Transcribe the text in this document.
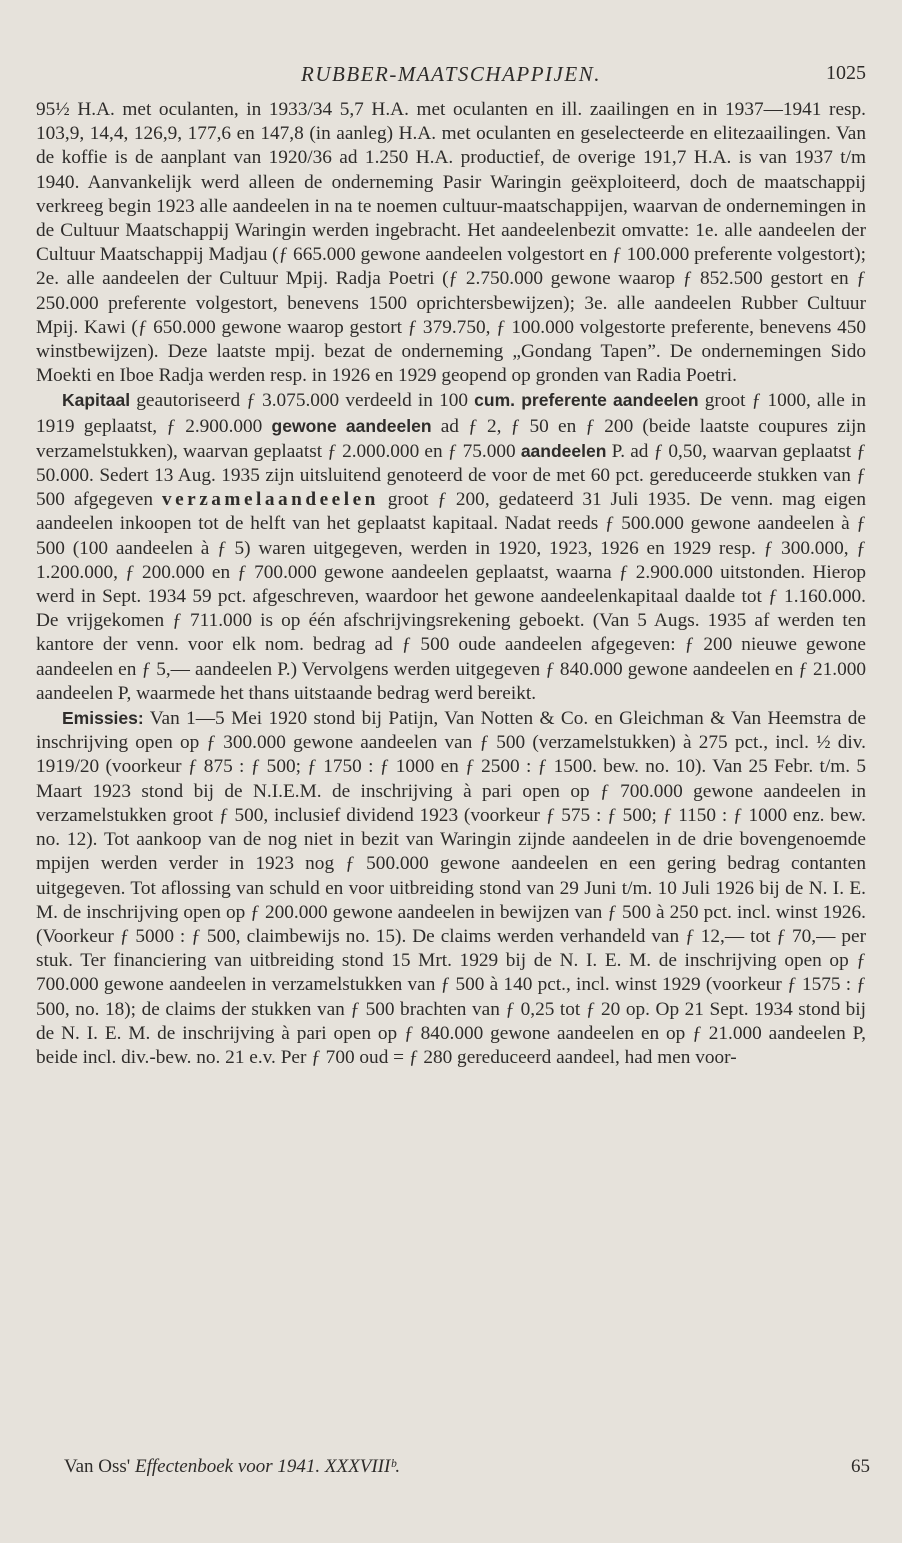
RUBBER-MAATSCHAPPIJEN.	1025

95½ H.A. met oculanten, in 1933/34 5,7 H.A. met oculanten en ill. zaailingen en in 1937—1941 resp. 103,9, 14,4, 126,9, 177,6 en 147,8 (in aanleg) H.A. met oculanten en geselecteerde en elitezaailingen. Van de koffie is de aanplant van 1920/36 ad 1.250 H.A. productief, de overige 191,7 H.A. is van 1937 t/m 1940. Aanvankelijk werd alleen de onderneming Pasir Waringin geëxploiteerd, doch de maatschappij verkreeg begin 1923 alle aandeelen in na te noemen cultuur-maatschappijen, waarvan de ondernemingen in de Cultuur Maatschappij Waringin werden ingebracht. Het aandeelenbezit omvatte: 1e. alle aandeelen der Cultuur Maatschappij Madjau (ƒ 665.000 gewone aandeelen volgestort en ƒ 100.000 preferente volgestort); 2e. alle aandeelen der Cultuur Mpij. Radja Poetri (ƒ 2.750.000 gewone waarop ƒ 852.500 gestort en ƒ 250.000 preferente volgestort, benevens 1500 oprichtersbewijzen); 3e. alle aandeelen Rubber Cultuur Mpij. Kawi (ƒ 650.000 gewone waarop gestort ƒ 379.750, ƒ 100.000 volgestorte preferente, benevens 450 winstbewijzen). Deze laatste mpij. bezat de onderneming „Gondang Tapen”. De ondernemingen Sido Moekti en Iboe Radja werden resp. in 1926 en 1929 geopend op gronden van Radia Poetri.

Kapitaal geautoriseerd ƒ 3.075.000 verdeeld in 100 cum. preferente aandeelen groot ƒ 1000, alle in 1919 geplaatst, ƒ 2.900.000 gewone aandeelen ad ƒ 2, ƒ 50 en ƒ 200 (beide laatste coupures zijn verzamelstukken), waarvan geplaatst ƒ 2.000.000 en ƒ 75.000 aandeelen P. ad ƒ 0,50, waarvan geplaatst ƒ 50.000. Sedert 13 Aug. 1935 zijn uitsluitend genoteerd de voor de met 60 pct. gereduceerde stukken van ƒ 500 afgegeven verzamelaandeelen groot ƒ 200, gedateerd 31 Juli 1935. De venn. mag eigen aandeelen inkoopen tot de helft van het geplaatst kapitaal. Nadat reeds ƒ 500.000 gewone aandeelen à ƒ 500 (100 aandeelen à ƒ 5) waren uitgegeven, werden in 1920, 1923, 1926 en 1929 resp. ƒ 300.000, ƒ 1.200.000, ƒ 200.000 en ƒ 700.000 gewone aandeelen geplaatst, waarna ƒ 2.900.000 uitstonden. Hierop werd in Sept. 1934 59 pct. afgeschreven, waardoor het gewone aandeelenkapitaal daalde tot ƒ 1.160.000. De vrijgekomen ƒ 711.000 is op één afschrijvingsrekening geboekt. (Van 5 Augs. 1935 af werden ten kantore der venn. voor elk nom. bedrag ad ƒ 500 oude aandeelen afgegeven: ƒ 200 nieuwe gewone aandeelen en ƒ 5,— aandeelen P.) Vervolgens werden uitgegeven ƒ 840.000 gewone aandeelen en ƒ 21.000 aandeelen P, waarmede het thans uitstaande bedrag werd bereikt.

Emissies: Van 1—5 Mei 1920 stond bij Patijn, Van Notten & Co. en Gleichman & Van Heemstra de inschrijving open op ƒ 300.000 gewone aandeelen van ƒ 500 (verzamelstukken) à 275 pct., incl. ½ div. 1919/20 (voorkeur ƒ 875 : ƒ 500; ƒ 1750 : ƒ 1000 en ƒ 2500 : ƒ 1500. bew. no. 10). Van 25 Febr. t/m. 5 Maart 1923 stond bij de N.I.E.M. de inschrijving à pari open op ƒ 700.000 gewone aandeelen in verzamelstukken groot ƒ 500, inclusief dividend 1923 (voorkeur ƒ 575 : ƒ 500; ƒ 1150 : ƒ 1000 enz. bew. no. 12). Tot aankoop van de nog niet in bezit van Waringin zijnde aandeelen in de drie bovengenoemde mpijen werden verder in 1923 nog ƒ 500.000 gewone aandeelen en een gering bedrag contanten uitgegeven. Tot aflossing van schuld en voor uitbreiding stond van 29 Juni t/m. 10 Juli 1926 bij de N. I. E. M. de inschrijving open op ƒ 200.000 gewone aandeelen in bewijzen van ƒ 500 à 250 pct. incl. winst 1926. (Voorkeur ƒ 5000 : ƒ 500, claimbewijs no. 15). De claims werden verhandeld van ƒ 12,— tot ƒ 70,— per stuk. Ter financiering van uitbreiding stond 15 Mrt. 1929 bij de N. I. E. M. de inschrijving open op ƒ 700.000 gewone aandeelen in verzamelstukken van ƒ 500 à 140 pct., incl. winst 1929 (voorkeur ƒ 1575 : ƒ 500, no. 18); de claims der stukken van ƒ 500 brachten van ƒ 0,25 tot ƒ 20 op. Op 21 Sept. 1934 stond bij de N. I. E. M. de inschrijving à pari open op ƒ 840.000 gewone aandeelen en op ƒ 21.000 aandeelen P, beide incl. div.-bew. no. 21 e.v. Per ƒ 700 oud = ƒ 280 gereduceerd aandeel, had men voor-

Van Oss' Effectenboek voor 1941. XXXVIIIᵇ.	65
